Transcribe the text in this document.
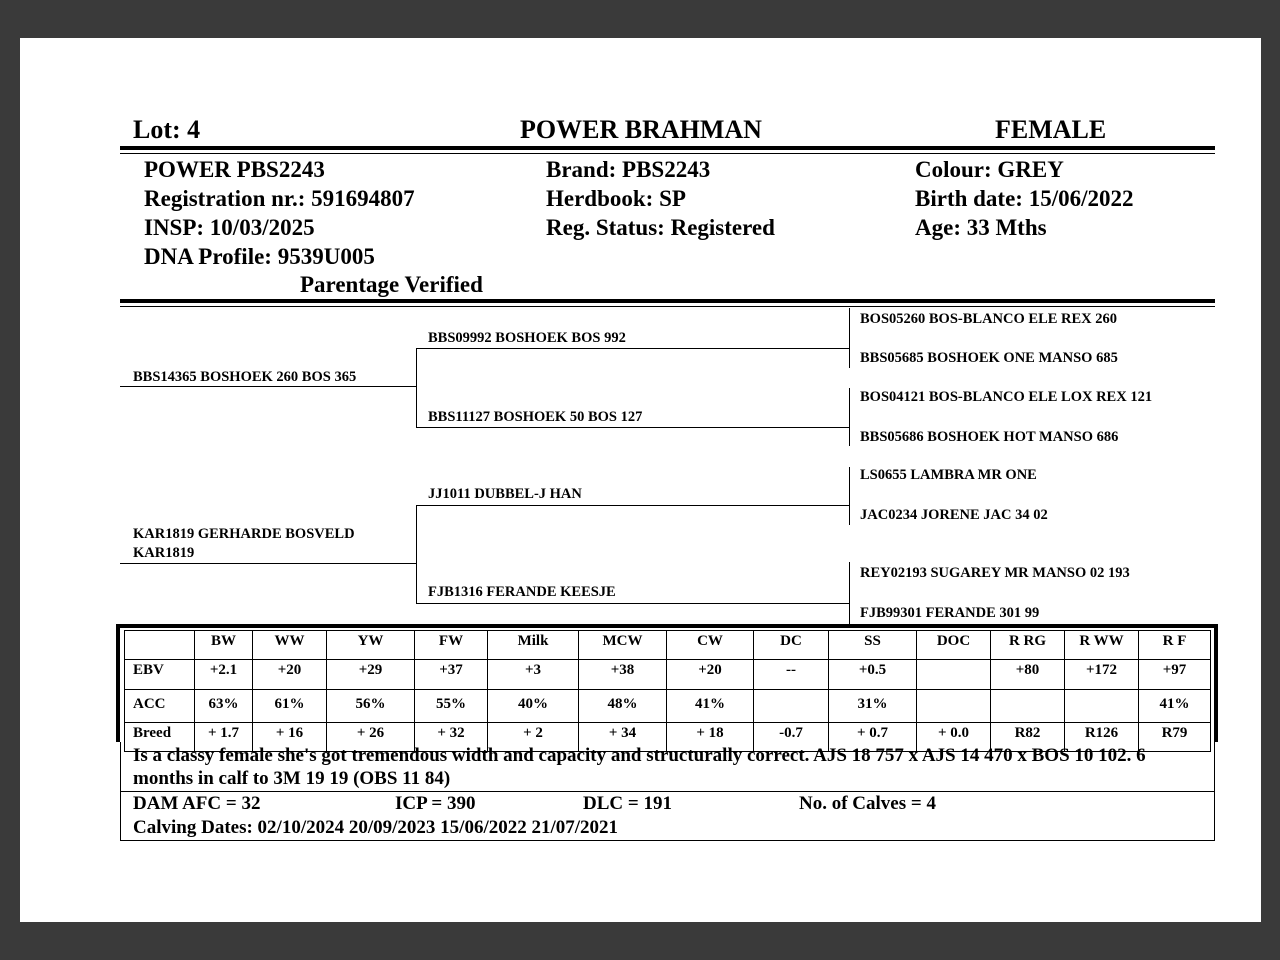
Lot: 4	POWER BRAHMAN	FEMALE
POWER PBS2243
Registration nr.: 591694807
INSP: 10/03/2025
DNA Profile: 9539U005
Parentage Verified
Brand: PBS2243
Herdbook: SP
Reg. Status: Registered
Colour: GREY
Birth date: 15/06/2022
Age: 33 Mths
BBS14365 BOSHOEK 260 BOS 365
KAR1819 GERHARDE BOSVELD
KAR1819
BBS09992 BOSHOEK BOS 992
BBS11127 BOSHOEK 50 BOS 127
JJ1011 DUBBEL-J HAN
FJB1316 FERANDE KEESJE
BOS05260 BOS-BLANCO ELE REX 260
BBS05685 BOSHOEK ONE MANSO 685
BOS04121 BOS-BLANCO ELE LOX REX 121
BBS05686 BOSHOEK HOT MANSO 686
LS0655 LAMBRA MR ONE
JAC0234 JORENE JAC 34 02
REY02193 SUGAREY MR MANSO 02 193
FJB99301 FERANDE 301 99
	BW	WW	YW	FW	Milk	MCW	CW	DC	SS	DOC	R RG	R WW	R F
EBV	+2.1	+20	+29	+37	+3	+38	+20	--	+0.5		+80	+172	+97
ACC	63%	61%	56%	55%	40%	48%	41%		31%				41%
Breed	+ 1.7	+ 16	+ 26	+ 32	+ 2	+ 34	+ 18	-0.7	+ 0.7	+ 0.0	R82	R126	R79
Is a classy female she's got tremendous width and capacity and structurally correct. AJS 18 757 x AJS 14 470 x BOS 10 102. 6 months in calf to 3M 19 19 (OBS 11 84)
DAM AFC = 32	ICP = 390	DLC = 191	No. of Calves = 4
Calving Dates: 02/10/2024 20/09/2023 15/06/2022 21/07/2021
